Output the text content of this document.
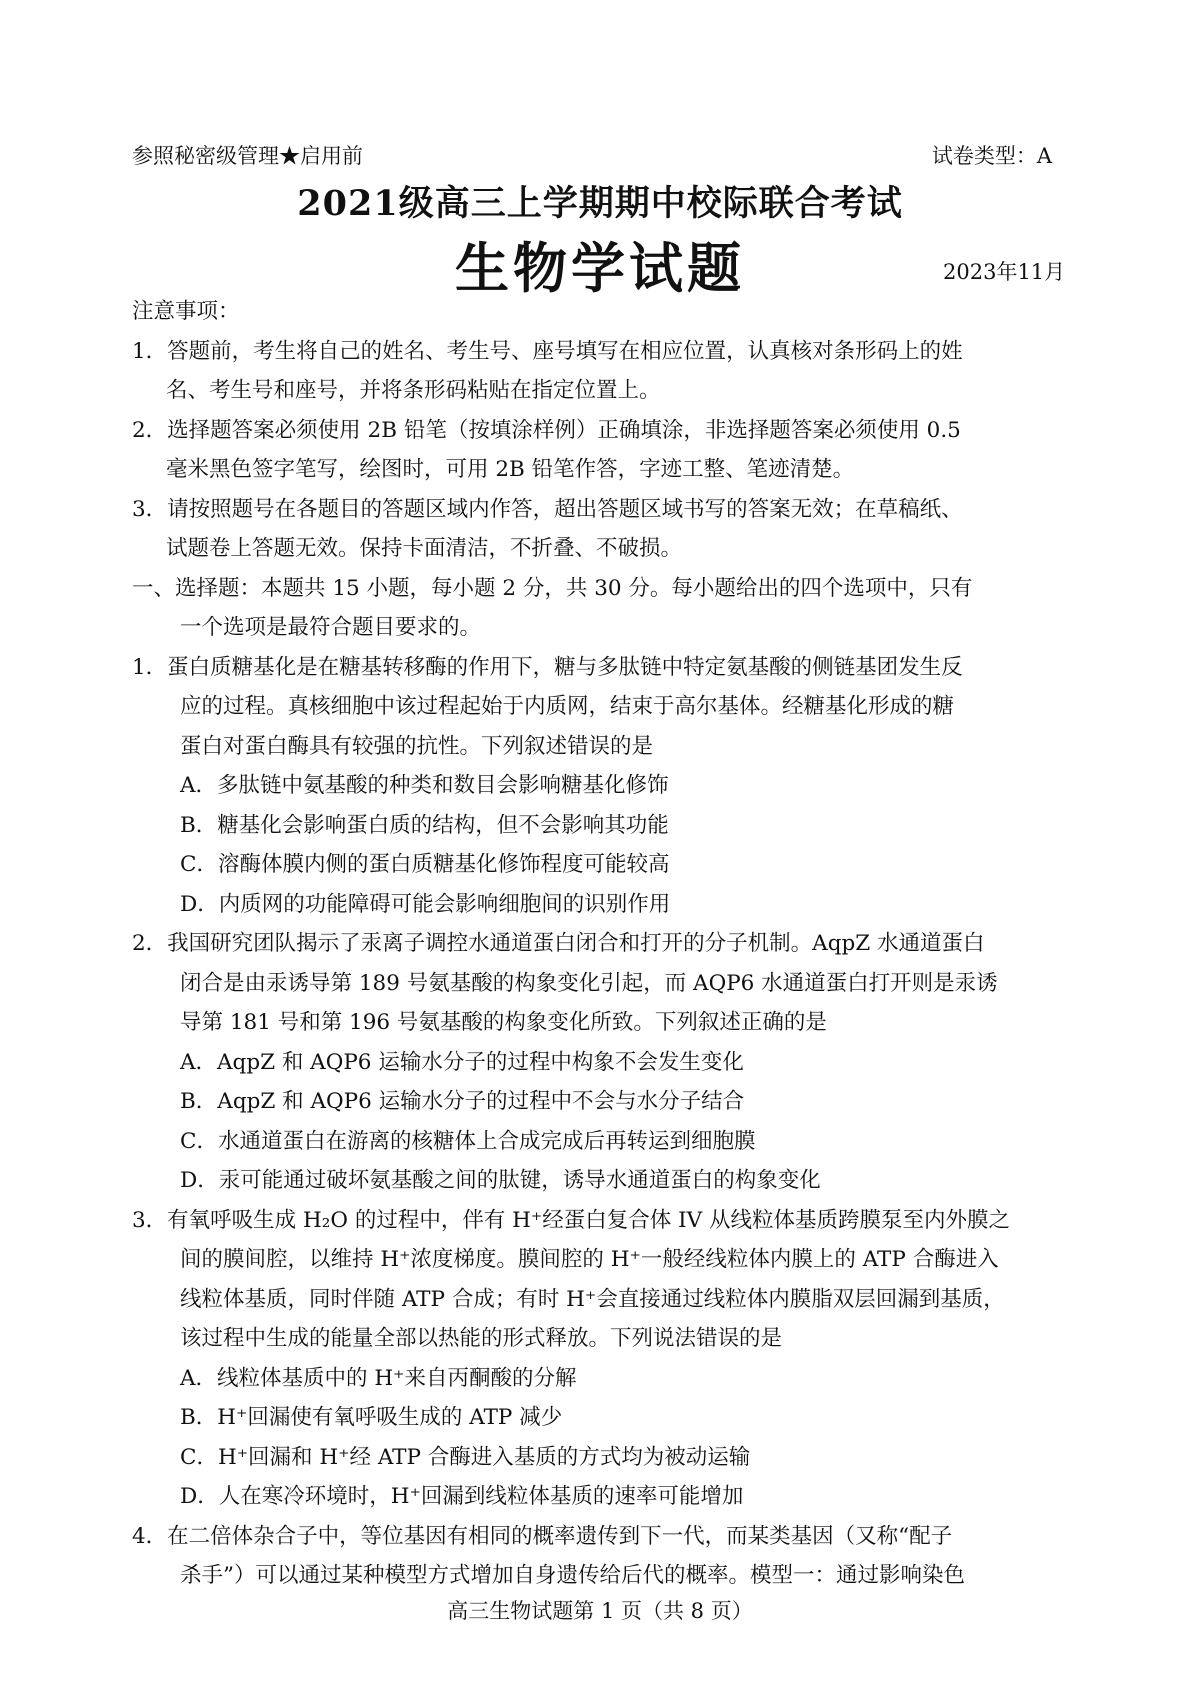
参照秘密级管理★启用前	试卷类型：A
2021级高三上学期期中校际联合考试
生物学试题	2023年11月
注意事项：
1．答题前，考生将自己的姓名、考生号、座号填写在相应位置，认真核对条形码上的姓
名、考生号和座号，并将条形码粘贴在指定位置上。
2．选择题答案必须使用 2B 铅笔（按填涂样例）正确填涂，非选择题答案必须使用 0.5
毫米黑色签字笔写，绘图时，可用 2B 铅笔作答，字迹工整、笔迹清楚。
3．请按照题号在各题目的答题区域内作答，超出答题区域书写的答案无效；在草稿纸、
试题卷上答题无效。保持卡面清洁，不折叠、不破损。
一、选择题：本题共 15 小题，每小题 2 分，共 30 分。每小题给出的四个选项中，只有
一个选项是最符合题目要求的。
1．蛋白质糖基化是在糖基转移酶的作用下，糖与多肽链中特定氨基酸的侧链基团发生反
应的过程。真核细胞中该过程起始于内质网，结束于高尔基体。经糖基化形成的糖
蛋白对蛋白酶具有较强的抗性。下列叙述错误的是
A．多肽链中氨基酸的种类和数目会影响糖基化修饰
B．糖基化会影响蛋白质的结构，但不会影响其功能
C．溶酶体膜内侧的蛋白质糖基化修饰程度可能较高
D．内质网的功能障碍可能会影响细胞间的识别作用
2．我国研究团队揭示了汞离子调控水通道蛋白闭合和打开的分子机制。AqpZ 水通道蛋白
闭合是由汞诱导第 189 号氨基酸的构象变化引起，而 AQP6 水通道蛋白打开则是汞诱
导第 181 号和第 196 号氨基酸的构象变化所致。下列叙述正确的是
A．AqpZ 和 AQP6 运输水分子的过程中构象不会发生变化
B．AqpZ 和 AQP6 运输水分子的过程中不会与水分子结合
C．水通道蛋白在游离的核糖体上合成完成后再转运到细胞膜
D．汞可能通过破坏氨基酸之间的肽键，诱导水通道蛋白的构象变化
3．有氧呼吸生成 H₂O 的过程中，伴有 H⁺经蛋白复合体 IV 从线粒体基质跨膜泵至内外膜之
间的膜间腔，以维持 H⁺浓度梯度。膜间腔的 H⁺一般经线粒体内膜上的 ATP 合酶进入
线粒体基质，同时伴随 ATP 合成；有时 H⁺会直接通过线粒体内膜脂双层回漏到基质，
该过程中生成的能量全部以热能的形式释放。下列说法错误的是
A．线粒体基质中的 H⁺来自丙酮酸的分解
B．H⁺回漏使有氧呼吸生成的 ATP 减少
C．H⁺回漏和 H⁺经 ATP 合酶进入基质的方式均为被动运输
D．人在寒冷环境时，H⁺回漏到线粒体基质的速率可能增加
4．在二倍体杂合子中，等位基因有相同的概率遗传到下一代，而某类基因（又称“配子
杀手”）可以通过某种模型方式增加自身遗传给后代的概率。模型一：通过影响染色
高三生物试题第 1 页（共 8 页）
